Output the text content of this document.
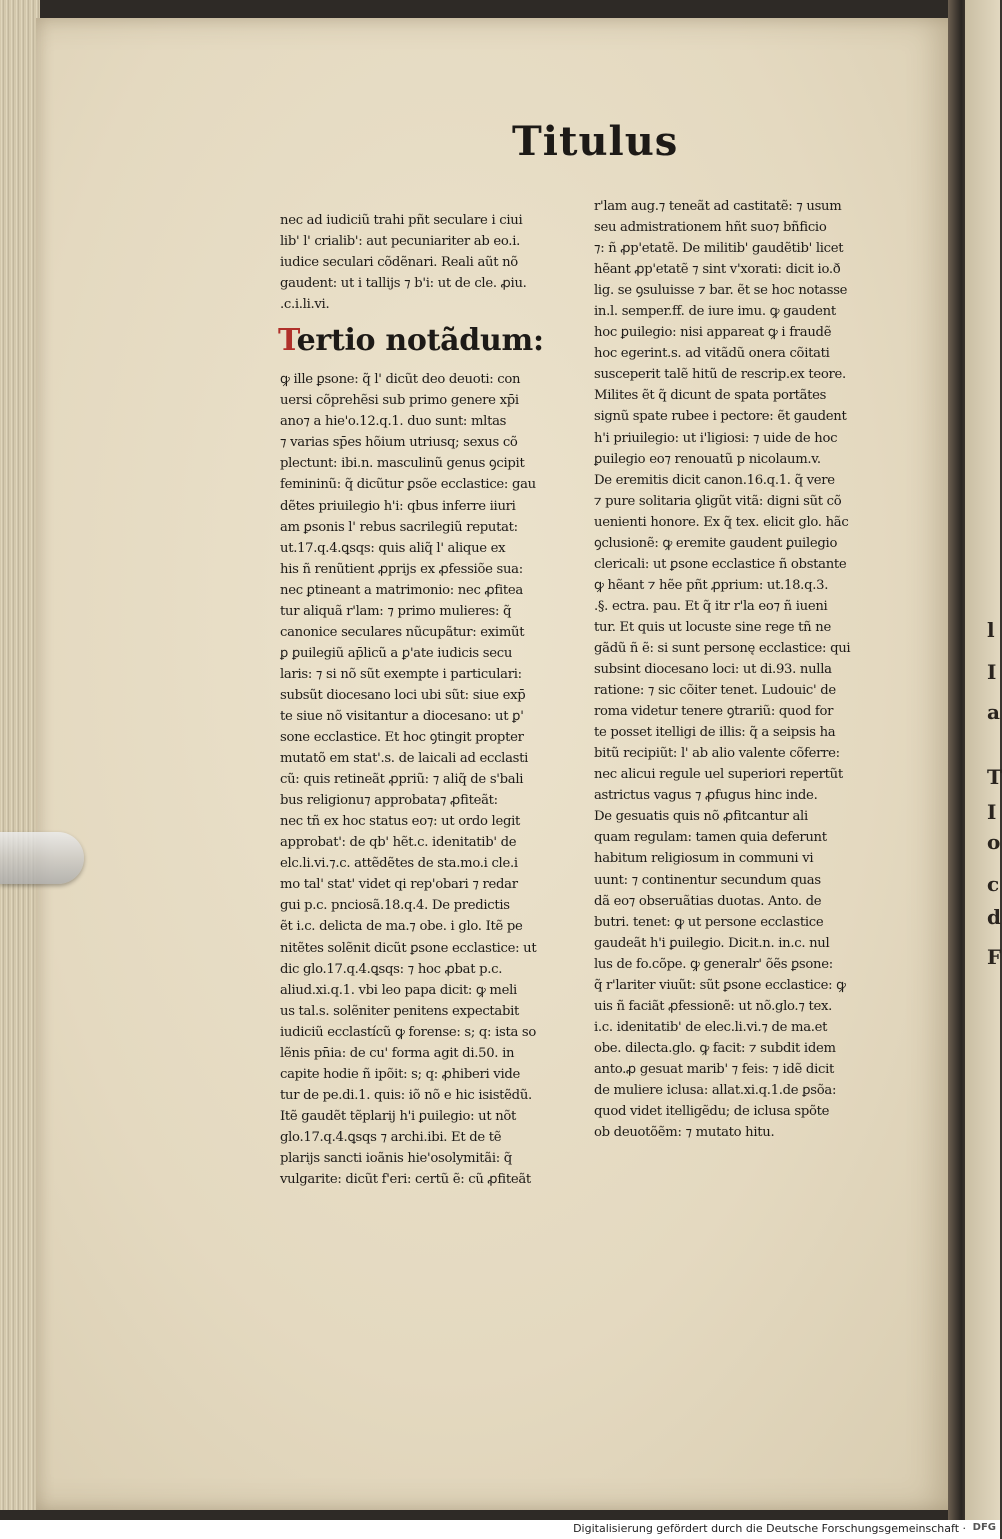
l
I
a
T
I
o
c
d
F
Titulus
nec ad iudiciũ trahi pñt seculare i ciui
lib' l' crialib': aut pecuniariter ab eo.i.
iudice seculari cõdẽnari. Reali aũt nõ
gaudent: ut i tallijs ⁊ b'i: ut de cle. ꝓiu.
.c.i.li.vi.
Tertio notãdum:
ꝙ ille ꝑsone: q̃ l' dicũt deo deuoti: con
uersi cõprehẽsi sub primo genere xp̄i
ano⁊ a hie'o.12.q.1. duo sunt: mltas
⁊ varias sp̄es hõium utriusq; sexus cõ
plectunt: ibi.n. masculinũ genus ꝯcipit
femininũ: q̃ dicũtur ꝑsõe ecclastice: gau
dẽtes priuilegio h'i: qbus inferre iiuri
am ꝑsonis l' rebus sacrilegiũ reputat:
ut.17.q.4.ꝗsqs: quis aliq̃ l' alique ex
his ñ renũtient ꝓprijs ex ꝓfessiõe sua:
nec ꝑtineant a matrimonio: nec ꝓfitea
tur aliquã r'lam: ⁊ primo mulieres: q̃
canonice seculares nũcupãtur: eximũt
ꝑ ꝑuilegiũ ap̄licũ a ꝑ'ate iudicis secu
laris: ⁊ si nõ sũt exempte i particulari:
subsũt diocesano loci ubi sũt: siue exp̄
te siue nõ visitantur a diocesano: ut ꝑ'
sone ecclastice. Et hoc ꝯtingit propter
mutatõ em stat'.s. de laicali ad ecclasti
cũ: quis retineãt ꝓpriũ: ⁊ aliq̃ de s'bali
bus religionu⁊ approbata⁊ ꝓfiteãt:
nec tñ ex hoc status eo⁊: ut ordo legit
approbat': de qb' hẽt.c. idenitatib' de
elc.li.vi.⁊.c. attẽdẽtes de sta.mo.i cle.i
mo tal' stat' videt qi rep'obari ⁊ redar
gui p.c. pnciosã.18.q.4. De predictis
ẽt i.c. delicta de ma.⁊ obe. i glo. Itẽ pe
nitẽtes solẽnit dicũt ꝑsone ecclastice: ut
dic glo.17.q.4.ꝗsqs: ⁊ hoc ꝓbat p.c.
aliud.xi.q.1. vbi leo papa dicit: ꝙ meli
us tal.s. solẽniter penitens expectabit
iudiciũ ecclastícũ ꝙ forense: s; q: ista so
lẽnis pn̄ia: de cu' forma agit di.50. in
capite hodie ñ ipõit: s; q: ꝓhiberi vide
tur de pe.di.1. quis: iõ nõ e hic isistẽdũ.
Itẽ gaudẽt tẽplarij h'i ꝑuilegio: ut nõt
glo.17.q.4.ꝗsqs ⁊ archi.ibi. Et de tẽ
plarijs sancti ioãnis hie'osolymitãi: q̃
vulgarite: dicũt f'eri: certũ ẽ: cũ ꝓfiteãt
r'lam aug.⁊ teneãt ad castitatẽ: ⁊ usum
seu admistrationem hñt suo⁊ bñficio
⁊: ñ ꝓp'etatẽ. De militib' gaudẽtib' licet
hẽant ꝓp'etatẽ ⁊ sint v'xorati: dicit io.ð
lig. se ꝯsuluisse ⁊ bar. ẽt se hoc notasse
in.l. semper.ff. de iure imu. ꝙ gaudent
hoc ꝑuilegio: nisi appareat ꝙ i fraudẽ
hoc egerint.s. ad vitãdũ onera cõitati
susceperit talẽ hitũ de rescrip.ex teore.
Milites ẽt q̃ dicunt de spata portãtes
signũ spate rubee i pectore: ẽt gaudent
h'i priuilegio: ut i'ligiosi: ⁊ uide de hoc
ꝑuilegio eo⁊ renouatũ p nicolaum.v.
De eremitis dicit canon.16.q.1. q̃ vere
⁊ pure solitaria ꝯligũt vitã: digni sũt cõ
uenienti honore. Ex q̃ tex. elicit glo. hãc
ꝯclusionẽ: ꝙ eremite gaudent ꝑuilegio
clericali: ut ꝑsone ecclastice ñ obstante
ꝙ hẽant ⁊ hẽe pñt ꝓprium: ut.18.q.3.
.§. ectra. pau. Et q̃ itr r'la eo⁊ ñ iueni
tur. Et quis ut locuste sine rege tñ ne
gãdũ ñ ẽ: si sunt personę ecclastice: qui
subsint diocesano loci: ut di.93. nulla
ratione: ⁊ sic cõiter tenet. Ludouic' de
roma videtur tenere ꝯtrariũ: quod for
te posset itelligi de illis: q̃ a seipsis ha
bitũ recipiũt: l' ab alio valente cõferre:
nec alicui regule uel superiori repertũt
astrictus vagus ⁊ ꝓfugus hinc inde.
De gesuatis quis nõ ꝓfitcantur ali
quam regulam: tamen quia deferunt
habitum religiosum in communi vi
uunt: ⁊ continentur secundum quas
dã eo⁊ obseruãtias duotas. Anto. de
butri. tenet: ꝙ ut persone ecclastice
gaudeãt h'i ꝑuilegio. Dicit.n. in.c. nul
lus de fo.cõpe. ꝙ generalr' õẽs ꝑsone:
q̃ r'lariter viuũt: sũt ꝑsone ecclastice: ꝙ
uis ñ faciãt ꝓfessionẽ: ut nõ.glo.⁊ tex.
i.c. idenitatib' de elec.li.vi.⁊ de ma.et
obe. dilecta.glo. ꝙ facit: ⁊ subdit idem
anto.ꝓ gesuat marib' ⁊ feis: ⁊ idẽ dicit
de muliere iclusa: allat.xi.q.1.de ꝑsõa:
quod videt itelligẽdu; de iclusa spõte
ob deuotõẽm: ⁊ mutato hitu.
Digitalisierung gefördert durch die Deutsche Forschungsgemeinschaft · DFG
